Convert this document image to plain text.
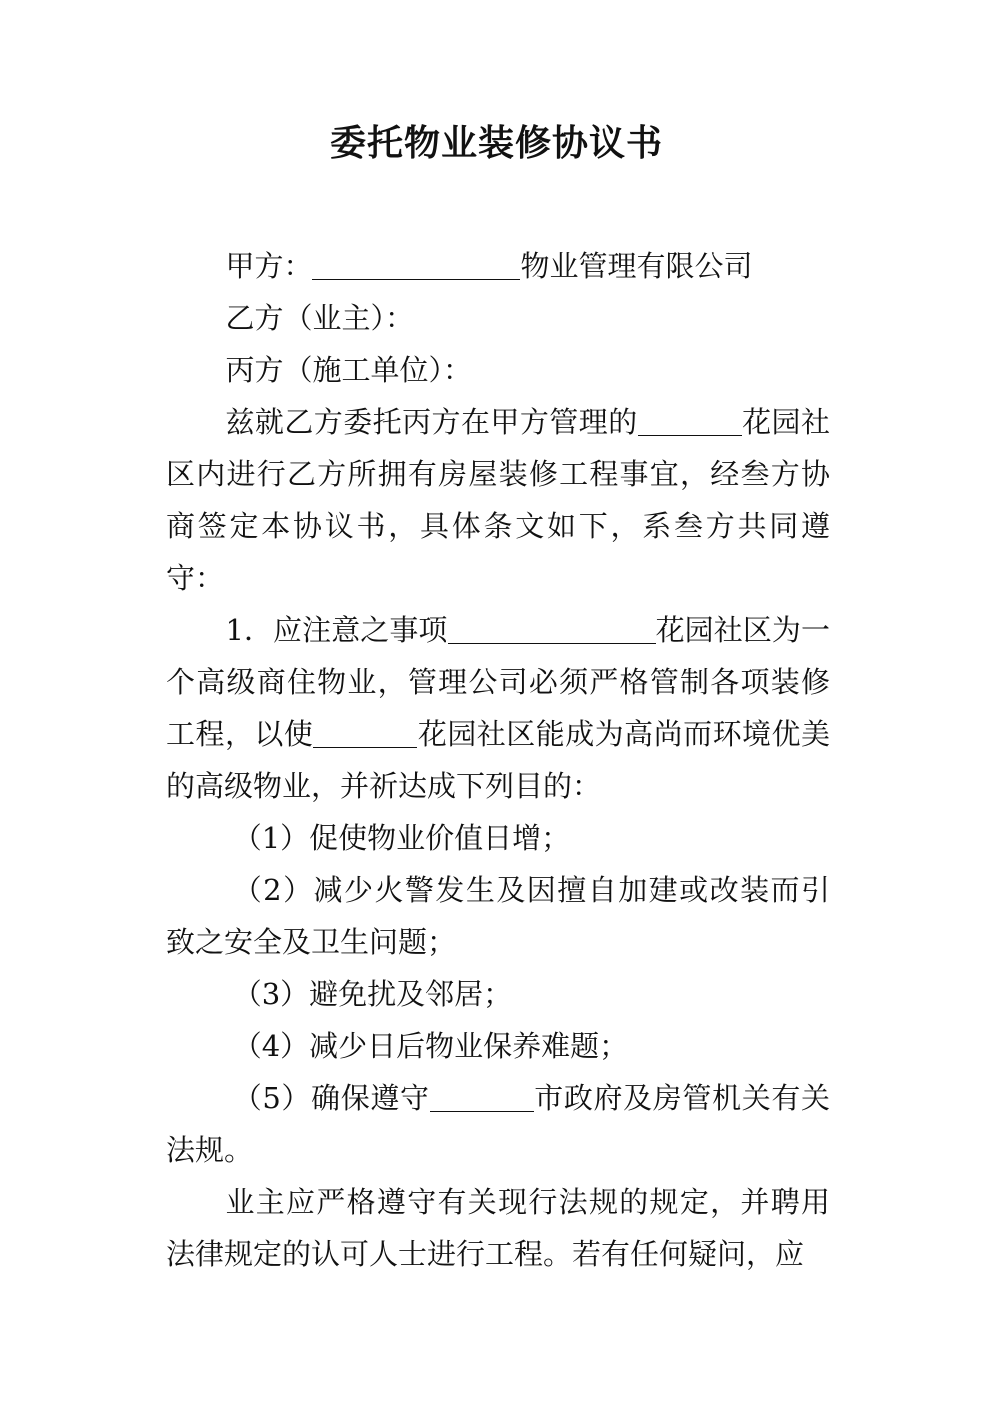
委托物业装修协议书

甲方：	物业管理有限公司

乙方（业主）：

丙方（施工单位）：

兹就乙方委托丙方在甲方管理的	花园社区内进行乙方所拥有房屋装修工程事宜，经叁方协商签定本协议书，具体条文如下，系叁方共同遵守：

1．应注意之事项	花园社区为一个高级商住物业，管理公司必须严格管制各项装修工程，以使	花园社区能成为高尚而环境优美的高级物业，并祈达成下列目的：

（1）促使物业价值日增；

（2）减少火警发生及因擅自加建或改装而引致之安全及卫生问题；

（3）避免扰及邻居；

（4）减少日后物业保养难题；

（5）确保遵守	市政府及房管机关有关法规。

业主应严格遵守有关现行法规的规定，并聘用法律规定的认可人士进行工程。若有任何疑问，应
